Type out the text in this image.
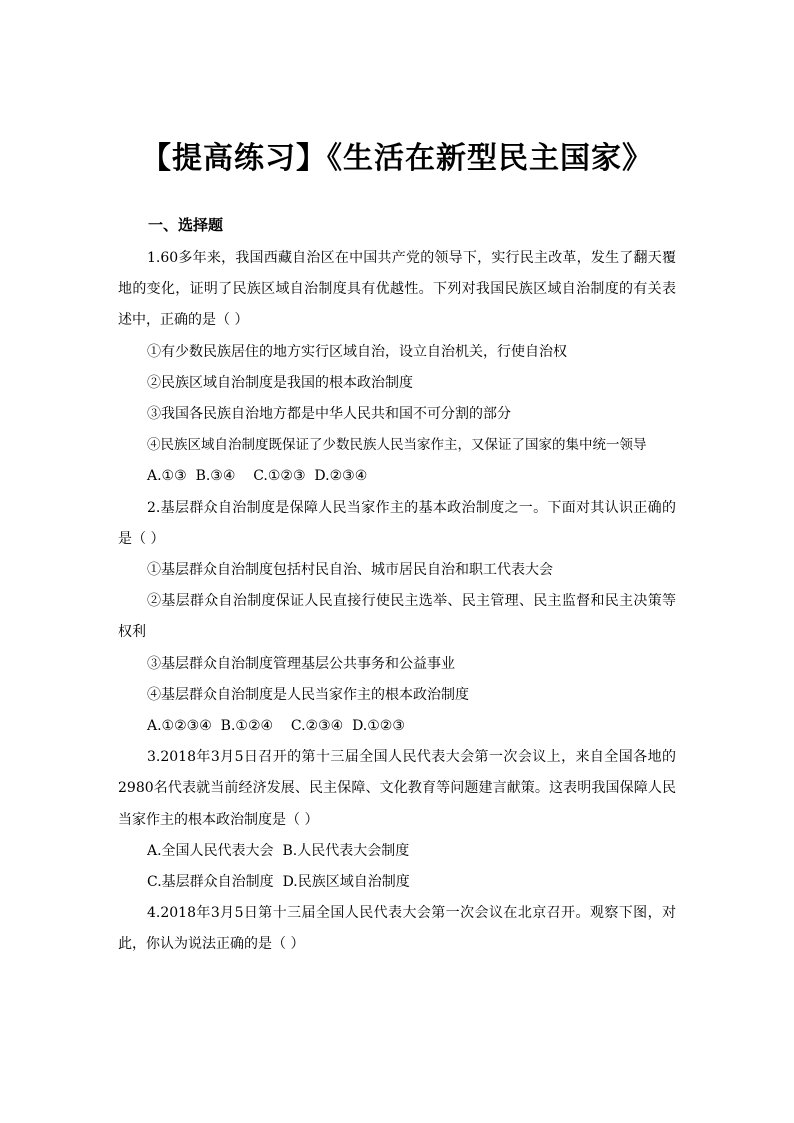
【提高练习】《生活在新型民主国家》
一、选择题

1.60多年来，我国西藏自治区在中国共产党的领导下，实行民主改革，发生了翻天覆地的变化，证明了民族区域自治制度具有优越性。下列对我国民族区域自治制度的有关表述中，正确的是（ ）

①有少数民族居住的地方实行区域自治，设立自治机关，行使自治权

②民族区域自治制度是我国的根本政治制度

③我国各民族自治地方都是中华人民共和国不可分割的部分

④民族区域自治制度既保证了少数民族人民当家作主，又保证了国家的集中统一领导

A.①③  B.③④    C.①②③  D.②③④

2.基层群众自治制度是保障人民当家作主的基本政治制度之一。下面对其认识正确的是（ ）

①基层群众自治制度包括村民自治、城市居民自治和职工代表大会

②基层群众自治制度保证人民直接行使民主选举、民主管理、民主监督和民主决策等权利

③基层群众自治制度管理基层公共事务和公益事业

④基层群众自治制度是人民当家作主的根本政治制度

A.①②③④  B.①②④    C.②③④  D.①②③

3.2018年3月5日召开的第十三届全国人民代表大会第一次会议上，来自全国各地的2980名代表就当前经济发展、民主保障、文化教育等问题建言献策。这表明我国保障人民当家作主的根本政治制度是（ ）

A.全国人民代表大会  B.人民代表大会制度

C.基层群众自治制度  D.民族区域自治制度

4.2018年3月5日第十三届全国人民代表大会第一次会议在北京召开。观察下图，对此，你认为说法正确的是（ ）
